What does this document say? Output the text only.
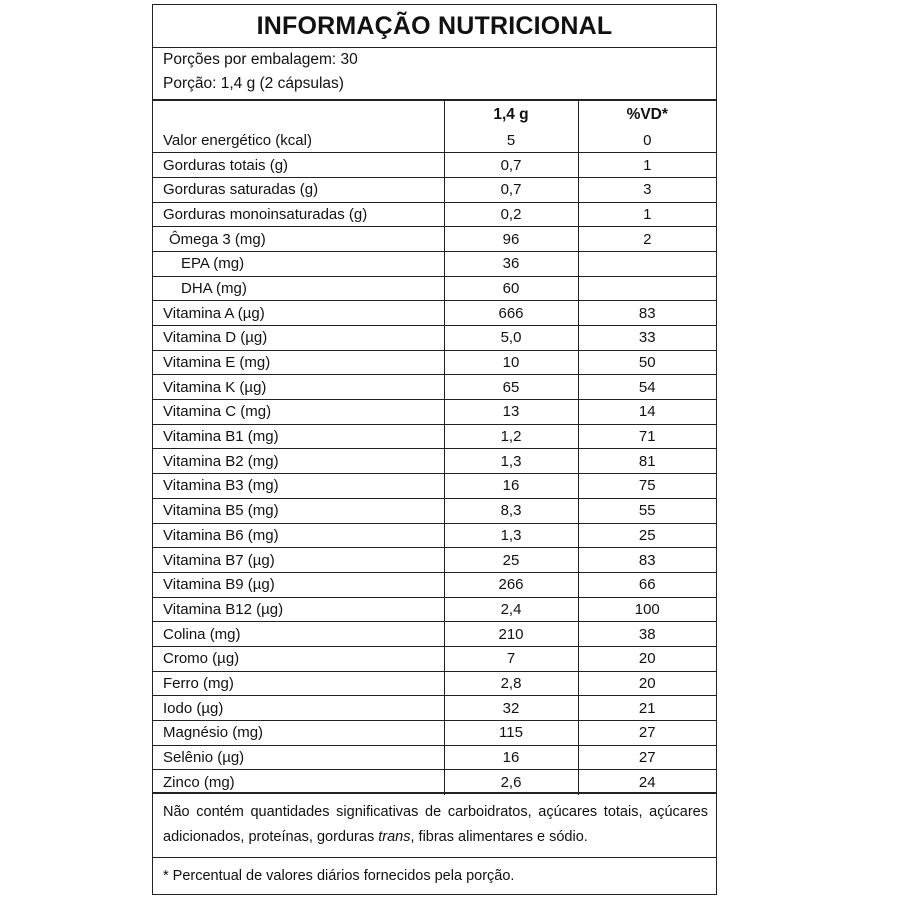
INFORMAÇÃO NUTRICIONAL
Porções por embalagem: 30
Porção: 1,4 g (2 cápsulas)
	1,4 g	%VD*
Valor energético (kcal)	5	0
Gorduras totais (g)	0,7	1
Gorduras saturadas (g)	0,7	3
Gorduras monoinsaturadas (g)	0,2	1
Ômega 3 (mg)	96	2
EPA (mg)	36	
DHA (mg)	60	
Vitamina A (µg)	666	83
Vitamina D (µg)	5,0	33
Vitamina E (mg)	10	50
Vitamina K (µg)	65	54
Vitamina C (mg)	13	14
Vitamina B1 (mg)	1,2	71
Vitamina B2 (mg)	1,3	81
Vitamina B3 (mg)	16	75
Vitamina B5 (mg)	8,3	55
Vitamina B6 (mg)	1,3	25
Vitamina B7 (µg)	25	83
Vitamina B9 (µg)	266	66
Vitamina B12 (µg)	2,4	100
Colina (mg)	210	38
Cromo (µg)	7	20
Ferro (mg)	2,8	20
Iodo (µg)	32	21
Magnésio (mg)	115	27
Selênio (µg)	16	27
Zinco (mg)	2,6	24
Não contém quantidades significativas de carboidratos, açúcares totais, açúcares adicionados, proteínas, gorduras trans, fibras alimentares e sódio.
* Percentual de valores diários fornecidos pela porção.
